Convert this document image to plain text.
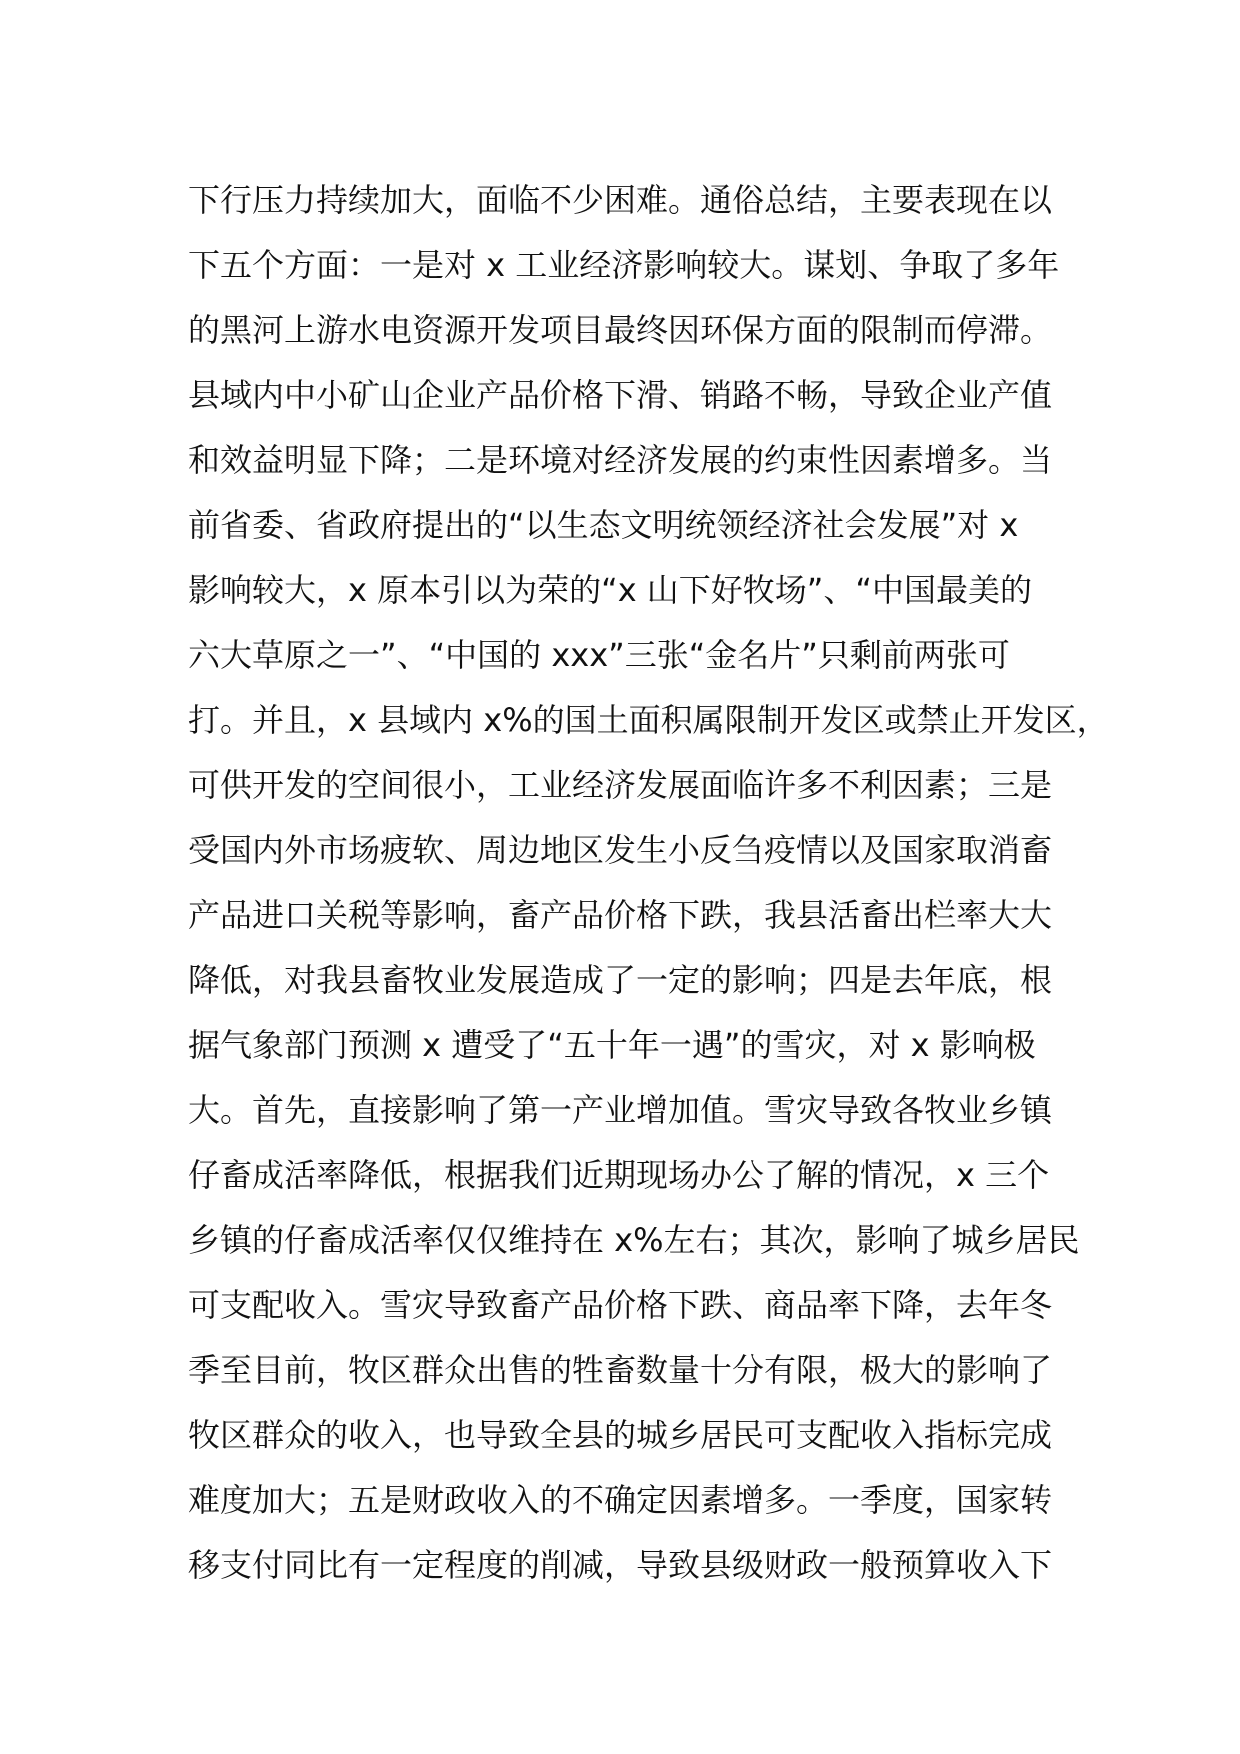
下行压力持续加大，面临不少困难。通俗总结，主要表现在以
下五个方面：一是对 x 工业经济影响较大。谋划、争取了多年
的黑河上游水电资源开发项目最终因环保方面的限制而停滞。
县域内中小矿山企业产品价格下滑、销路不畅，导致企业产值
和效益明显下降；二是环境对经济发展的约束性因素增多。当
前省委、省政府提出的“以生态文明统领经济社会发展”对 x
影响较大，x 原本引以为荣的“x 山下好牧场”、“中国最美的
六大草原之一”、“中国的 xxx”三张“金名片”只剩前两张可
打。并且，x 县域内 x%的国土面积属限制开发区或禁止开发区，
可供开发的空间很小，工业经济发展面临许多不利因素；三是
受国内外市场疲软、周边地区发生小反刍疫情以及国家取消畜
产品进口关税等影响，畜产品价格下跌，我县活畜出栏率大大
降低，对我县畜牧业发展造成了一定的影响；四是去年底，根
据气象部门预测 x 遭受了“五十年一遇”的雪灾，对 x 影响极
大。首先，直接影响了第一产业增加值。雪灾导致各牧业乡镇
仔畜成活率降低，根据我们近期现场办公了解的情况，x 三个
乡镇的仔畜成活率仅仅维持在 x%左右；其次，影响了城乡居民
可支配收入。雪灾导致畜产品价格下跌、商品率下降，去年冬
季至目前，牧区群众出售的牲畜数量十分有限，极大的影响了
牧区群众的收入，也导致全县的城乡居民可支配收入指标完成
难度加大；五是财政收入的不确定因素增多。一季度，国家转
移支付同比有一定程度的削减，导致县级财政一般预算收入下
